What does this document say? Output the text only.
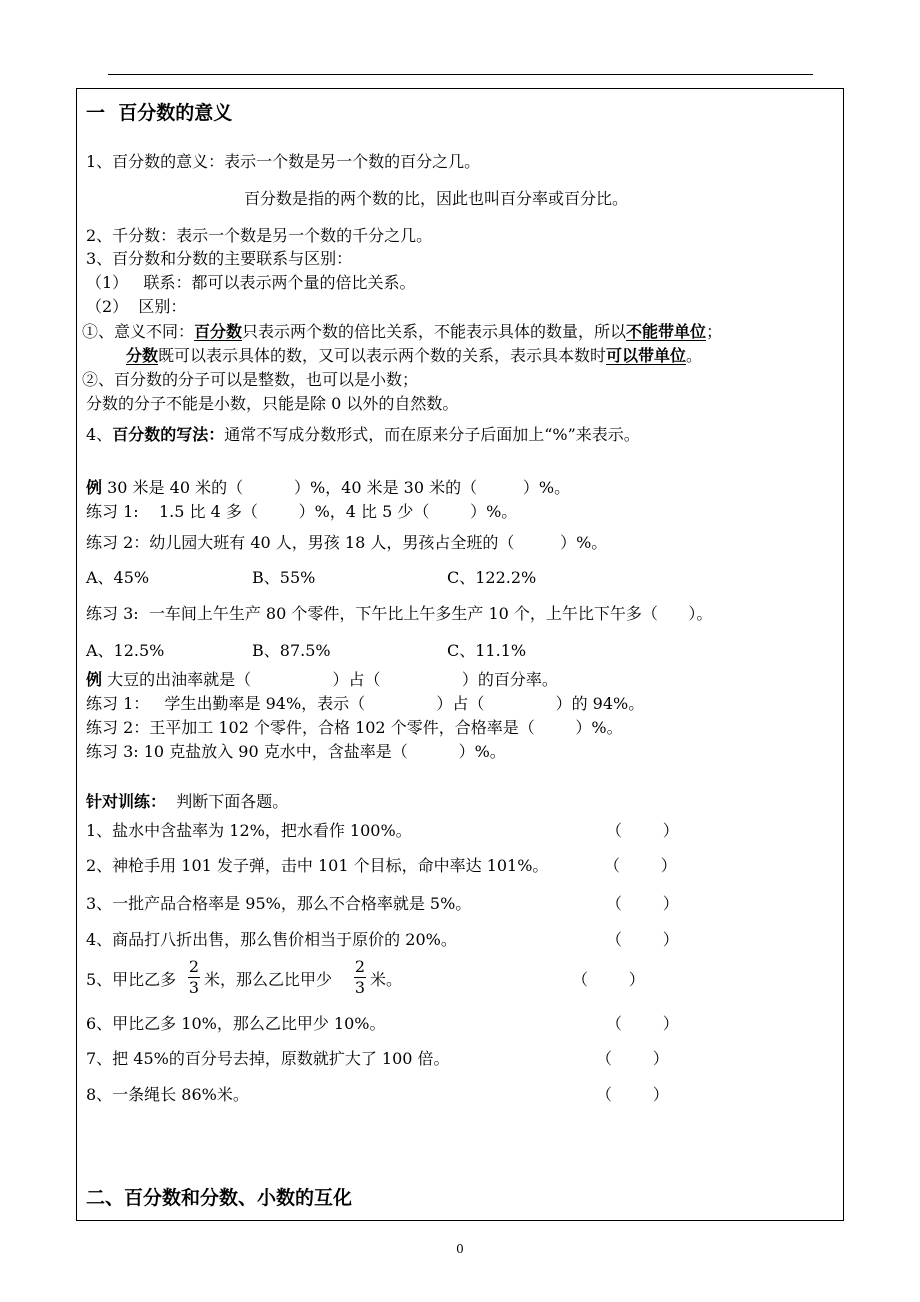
一  百分数的意义
1、百分数的意义：表示一个数是另一个数的百分之几。
百分数是指的两个数的比，因此也叫百分率或百分比。
2、千分数：表示一个数是另一个数的千分之几。
3、百分数和分数的主要联系与区别：
（1）   联系：都可以表示两个量的倍比关系。
（2）  区别：
①、意义不同：百分数只表示两个数的倍比关系，不能表示具体的数量，所以不能带单位；
分数既可以表示具体的数，又可以表示两个数的关系，表示具本数时可以带单位。
②、百分数的分子可以是整数，也可以是小数；
分数的分子不能是小数，只能是除 0 以外的自然数。
4、百分数的写法：通常不写成分数形式，而在原来分子后面加上“%”来表示。
例 30 米是 40 米的（          ）%，40 米是 30 米的（         ）%。
练习 1:    1.5 比 4 多（        ）%，4 比 5 少（        ）%。
练习 2：幼儿园大班有 40 人，男孩 18 人，男孩占全班的（         ）%。
A、45%	B、55%	C、122.2%
练习 3:  一车间上午生产 80 个零件，下午比上午多生产 10 个，上午比下午多（      ）。
A、12.5%	B、87.5%	C、11.1%
例 大豆的出油率就是（                ）占（                ）的百分率。
练习 1：   学生出勤率是 94%，表示（              ）占（              ）的 94%。
练习 2：王平加工 102 个零件，合格 102 个零件，合格率是（        ）%。
练习 3: 10 克盐放入 90 克水中，含盐率是（          ）%。
针对训练：  判断下面各题。
1、盐水中含盐率为 12%，把水看作 100%。	（        ）
2、神枪手用 101 发子弹，击中 101 个目标，命中率达 101%。	（        ）
3、一批产品合格率是 95%，那么不合格率就是 5%。	（        ）
4、商品打八折出售，那么售价相当于原价的 20%。	（        ）
5、甲比乙多
2
3 米，那么乙比甲少
2
3 米。	（        ）
6、甲比乙多 10%，那么乙比甲少 10%。	（        ）
7、把 45%的百分号去掉，原数就扩大了 100 倍。	（        ）
8、一条绳长 86%米。	（        ）
二、百分数和分数、小数的互化
0
